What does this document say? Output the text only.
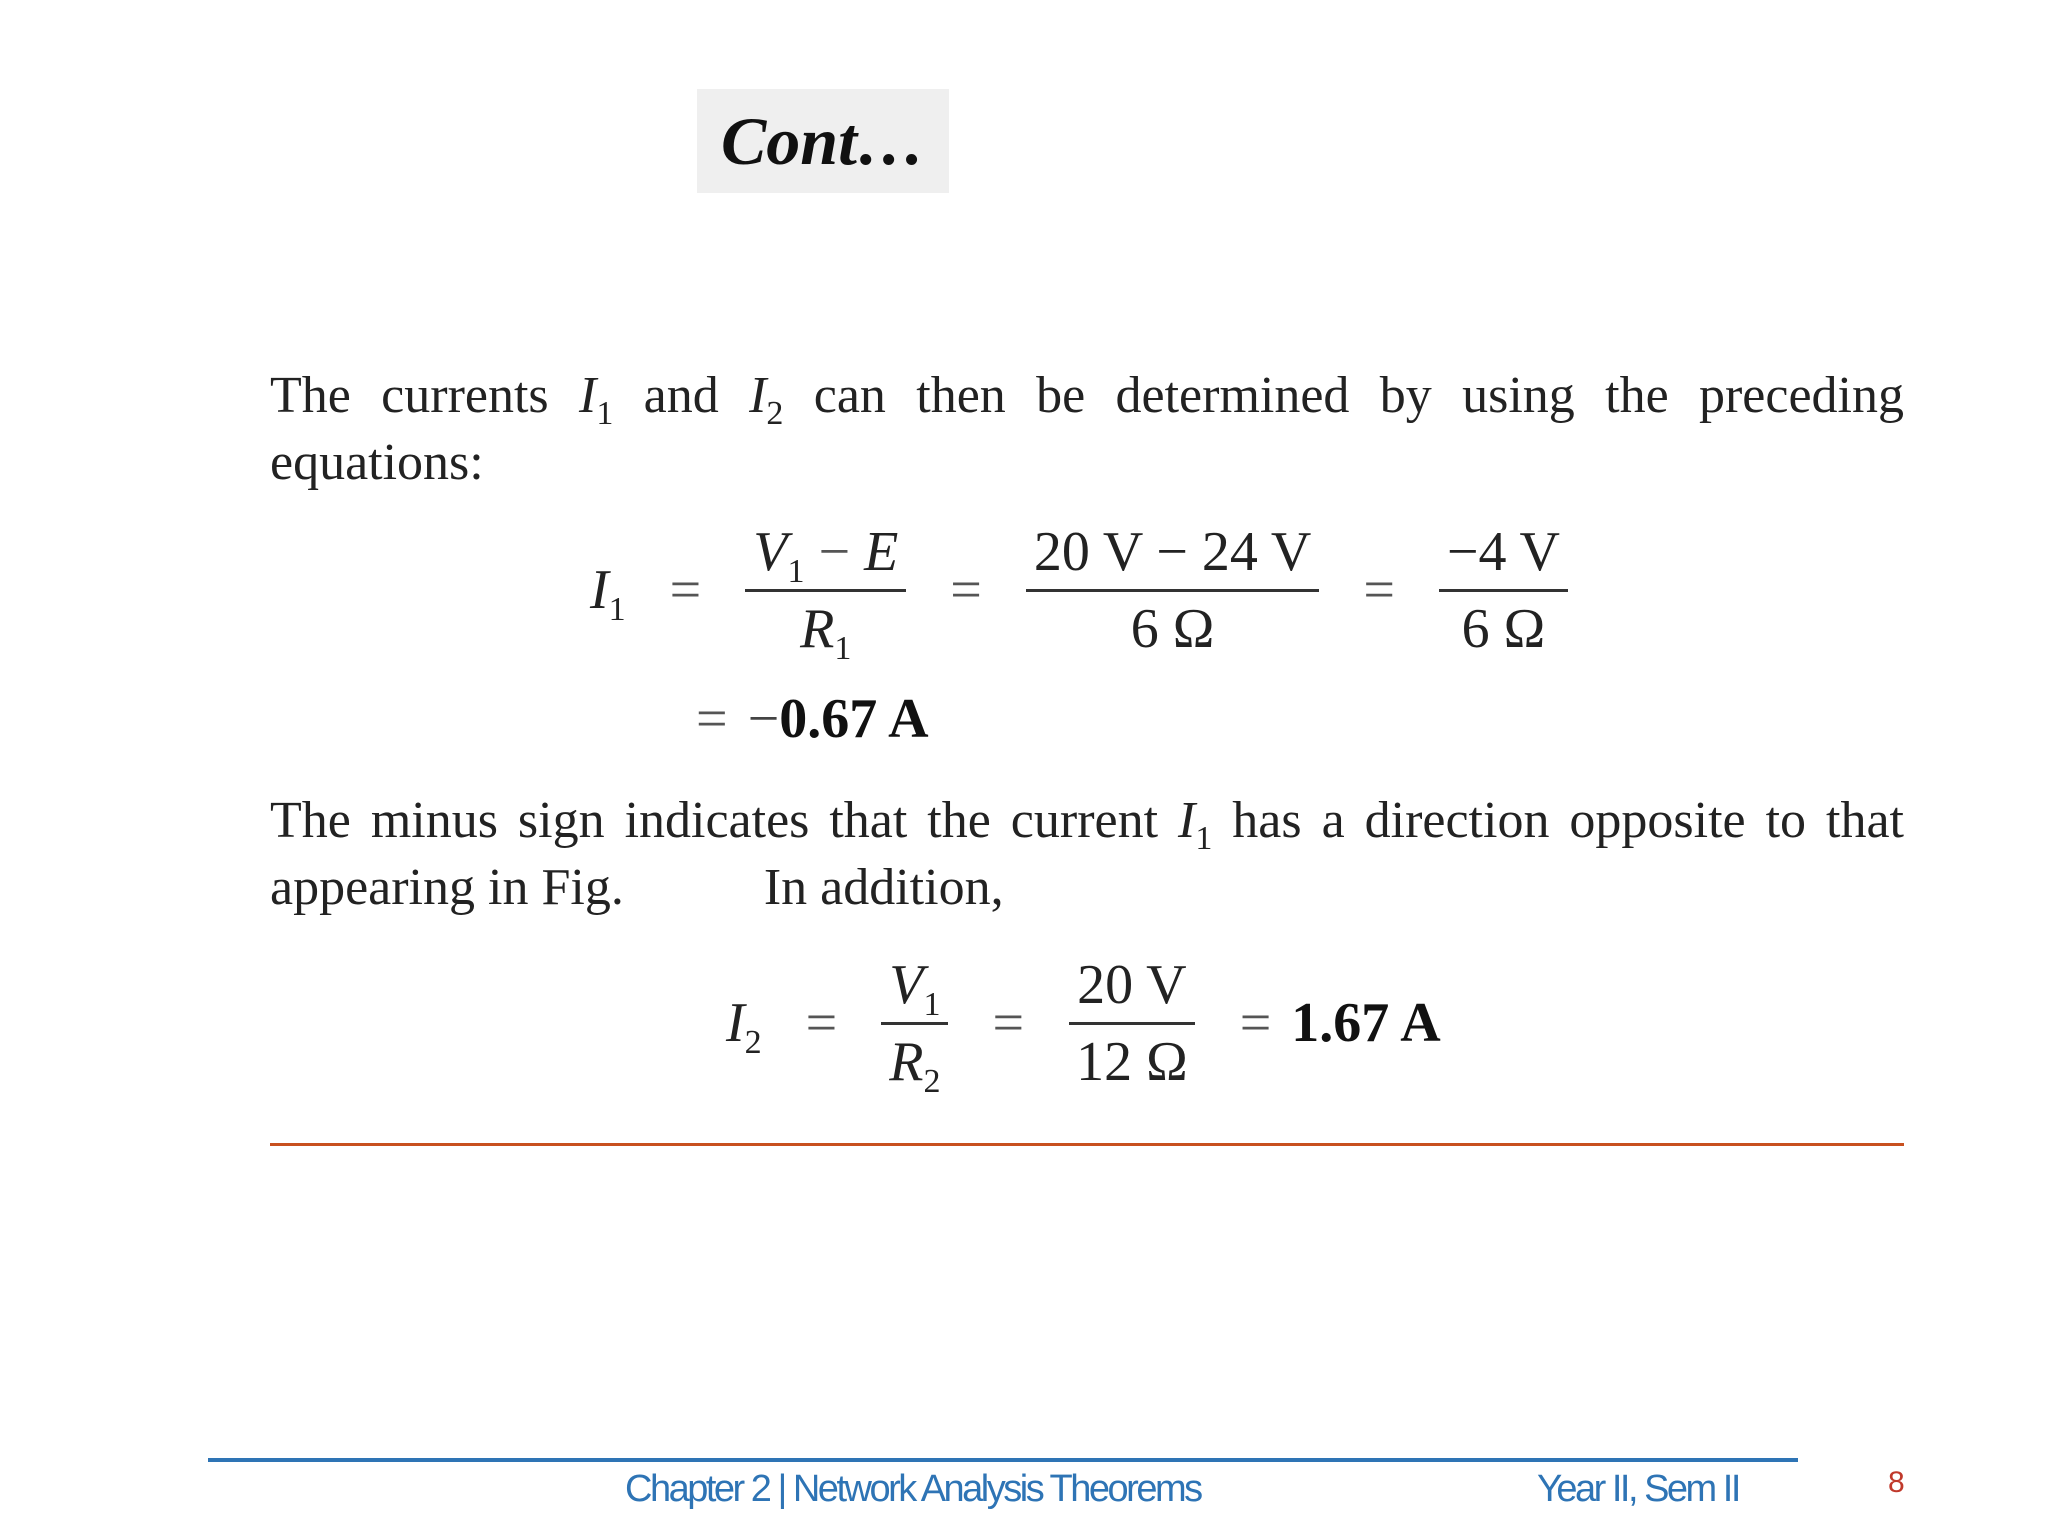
Cont…
The currents $I_1$ and $I_2$ can then be determined by using the preceding equations:
$I_1 = \frac{V_1 - E}{R_1} = \frac{20 V - 24 V}{6 \Omega} = \frac{-4 V}{6 \Omega}$
= − 0.67 A
The minus sign indicates that the current $I_1$ has a direction opposite to that appearing in Fig.	In addition,
$I_2 = \frac{V_1}{R_2} = \frac{20 V}{12 \Omega} = 1.67$ A
Chapter 2 | Network Analysis Theorems	Year II, Sem II	8
